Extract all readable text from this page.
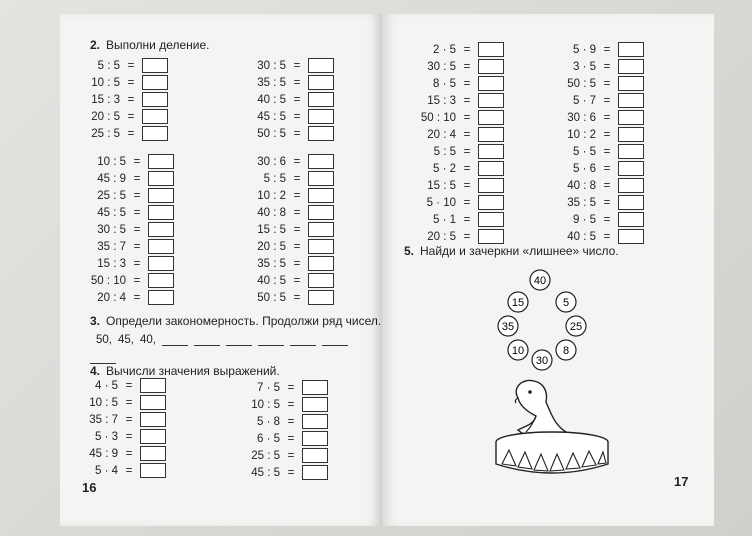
2. Выполни деление.
5 : 5 =
10 : 5 =
15 : 3 =
20 : 5 =
25 : 5 =
30 : 5 =
35 : 5 =
40 : 5 =
45 : 5 =
50 : 5 =
10 : 5 =
45 : 9 =
25 : 5 =
45 : 5 =
30 : 5 =
35 : 7 =
15 : 3 =
50 : 10 =
20 : 4 =
30 : 6 =
5 : 5 =
10 : 2 =
40 : 8 =
15 : 5 =
20 : 5 =
35 : 5 =
40 : 5 =
50 : 5 =
3. Определи закономерность. Продолжи ряд чисел.
50, 45, 40,
4. Вычисли значения выражений.
4 · 5 =
10 : 5 =
35 : 7 =
5 · 3 =
45 : 9 =
5 · 4 =
7 · 5 =
10 : 5 =
5 · 8 =
6 · 5 =
25 : 5 =
45 : 5 =
16
2 · 5 =
30 : 5 =
8 · 5 =
15 : 3 =
50 : 10 =
20 : 4 =
5 : 5 =
5 · 2 =
15 : 5 =
5 · 10 =
5 · 1 =
20 : 5 =
5 · 9 =
3 · 5 =
50 : 5 =
5 · 7 =
30 : 6 =
10 : 2 =
5 · 5 =
5 · 6 =
40 : 8 =
35 : 5 =
9 · 5 =
40 : 5 =
5. Найди и зачеркни «лишнее» число.
40
15	5
35	25
10
30
8
17
